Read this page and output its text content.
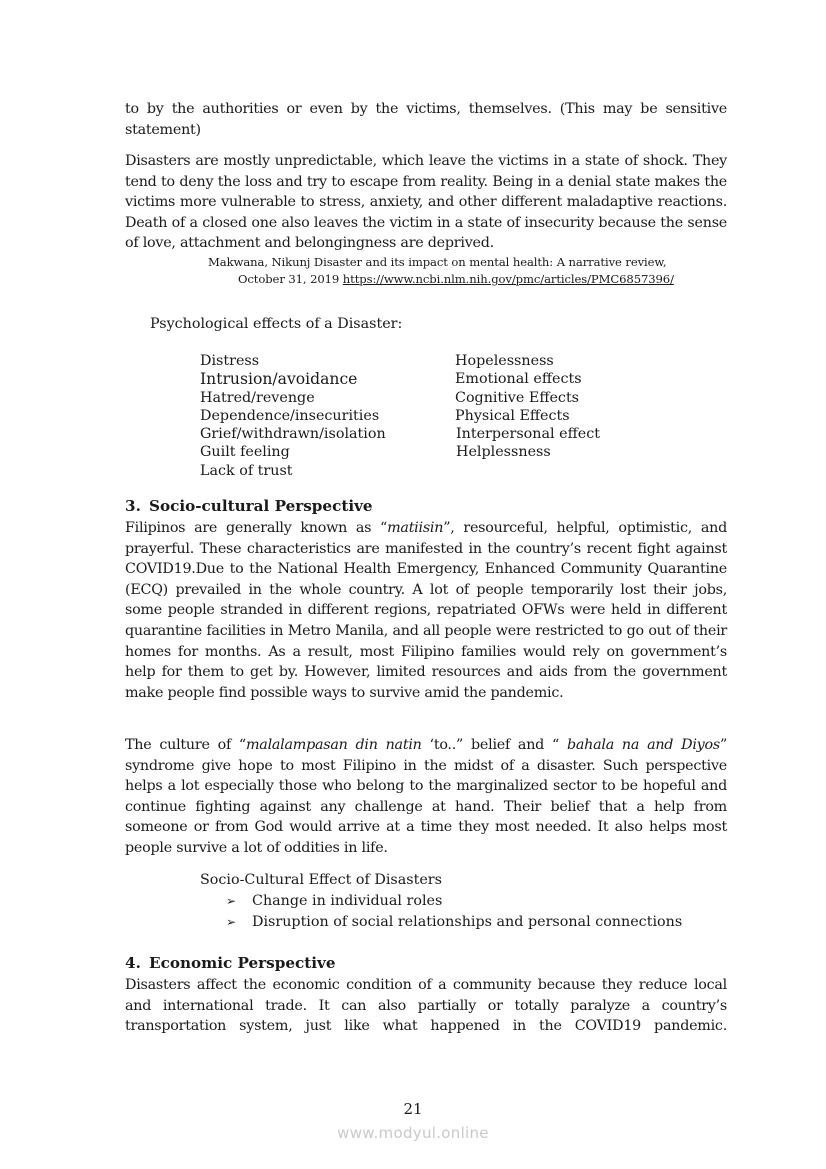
to by the authorities or even by the victims, themselves. (This may be sensitive statement)

Disasters are mostly unpredictable, which leave the victims in a state of shock. They tend to deny the loss and try to escape from reality. Being in a denial state makes the victims more vulnerable to stress, anxiety, and other different maladaptive reactions. Death of a closed one also leaves the victim in a state of insecurity because the sense of love, attachment and belongingness are deprived.

Makwana, Nikunj Disaster and its impact on mental health: A narrative review,
October 31, 2019 https://www.ncbi.nlm.nih.gov/pmc/articles/PMC6857396/
Psychological effects of a Disaster:
Distress
Intrusion/avoidance
Hatred/revenge
Dependence/insecurities
Grief/withdrawn/isolation
Guilt feeling
Lack of trust
Hopelessness
Emotional effects
Cognitive Effects
Physical Effects
Interpersonal effect
Helplessness
3. Socio-cultural Perspective

Filipinos are generally known as “matiisin”, resourceful, helpful, optimistic, and prayerful. These characteristics are manifested in the country’s recent fight against COVID19.Due to the National Health Emergency, Enhanced Community Quarantine (ECQ) prevailed in the whole country. A lot of people temporarily lost their jobs, some people stranded in different regions, repatriated OFWs were held in different quarantine facilities in Metro Manila, and all people were restricted to go out of their homes for months. As a result, most Filipino families would rely on government’s help for them to get by. However, limited resources and aids from the government make people find possible ways to survive amid the pandemic.

The culture of “malalampasan din natin ‘to..” belief and “ bahala na and Diyos” syndrome give hope to most Filipino in the midst of a disaster. Such perspective helps a lot especially those who belong to the marginalized sector to be hopeful and continue fighting against any challenge at hand. Their belief that a help from someone or from God would arrive at a time they most needed. It also helps most people survive a lot of oddities in life.

Socio-Cultural Effect of Disasters
➢ Change in individual roles
➢ Disruption of social relationships and personal connections
4. Economic Perspective

Disasters affect the economic condition of a community because they reduce local and international trade. It can also partially or totally paralyze a country’s transportation system, just like what happened in the COVID19 pandemic.

21
www.modyul.online
